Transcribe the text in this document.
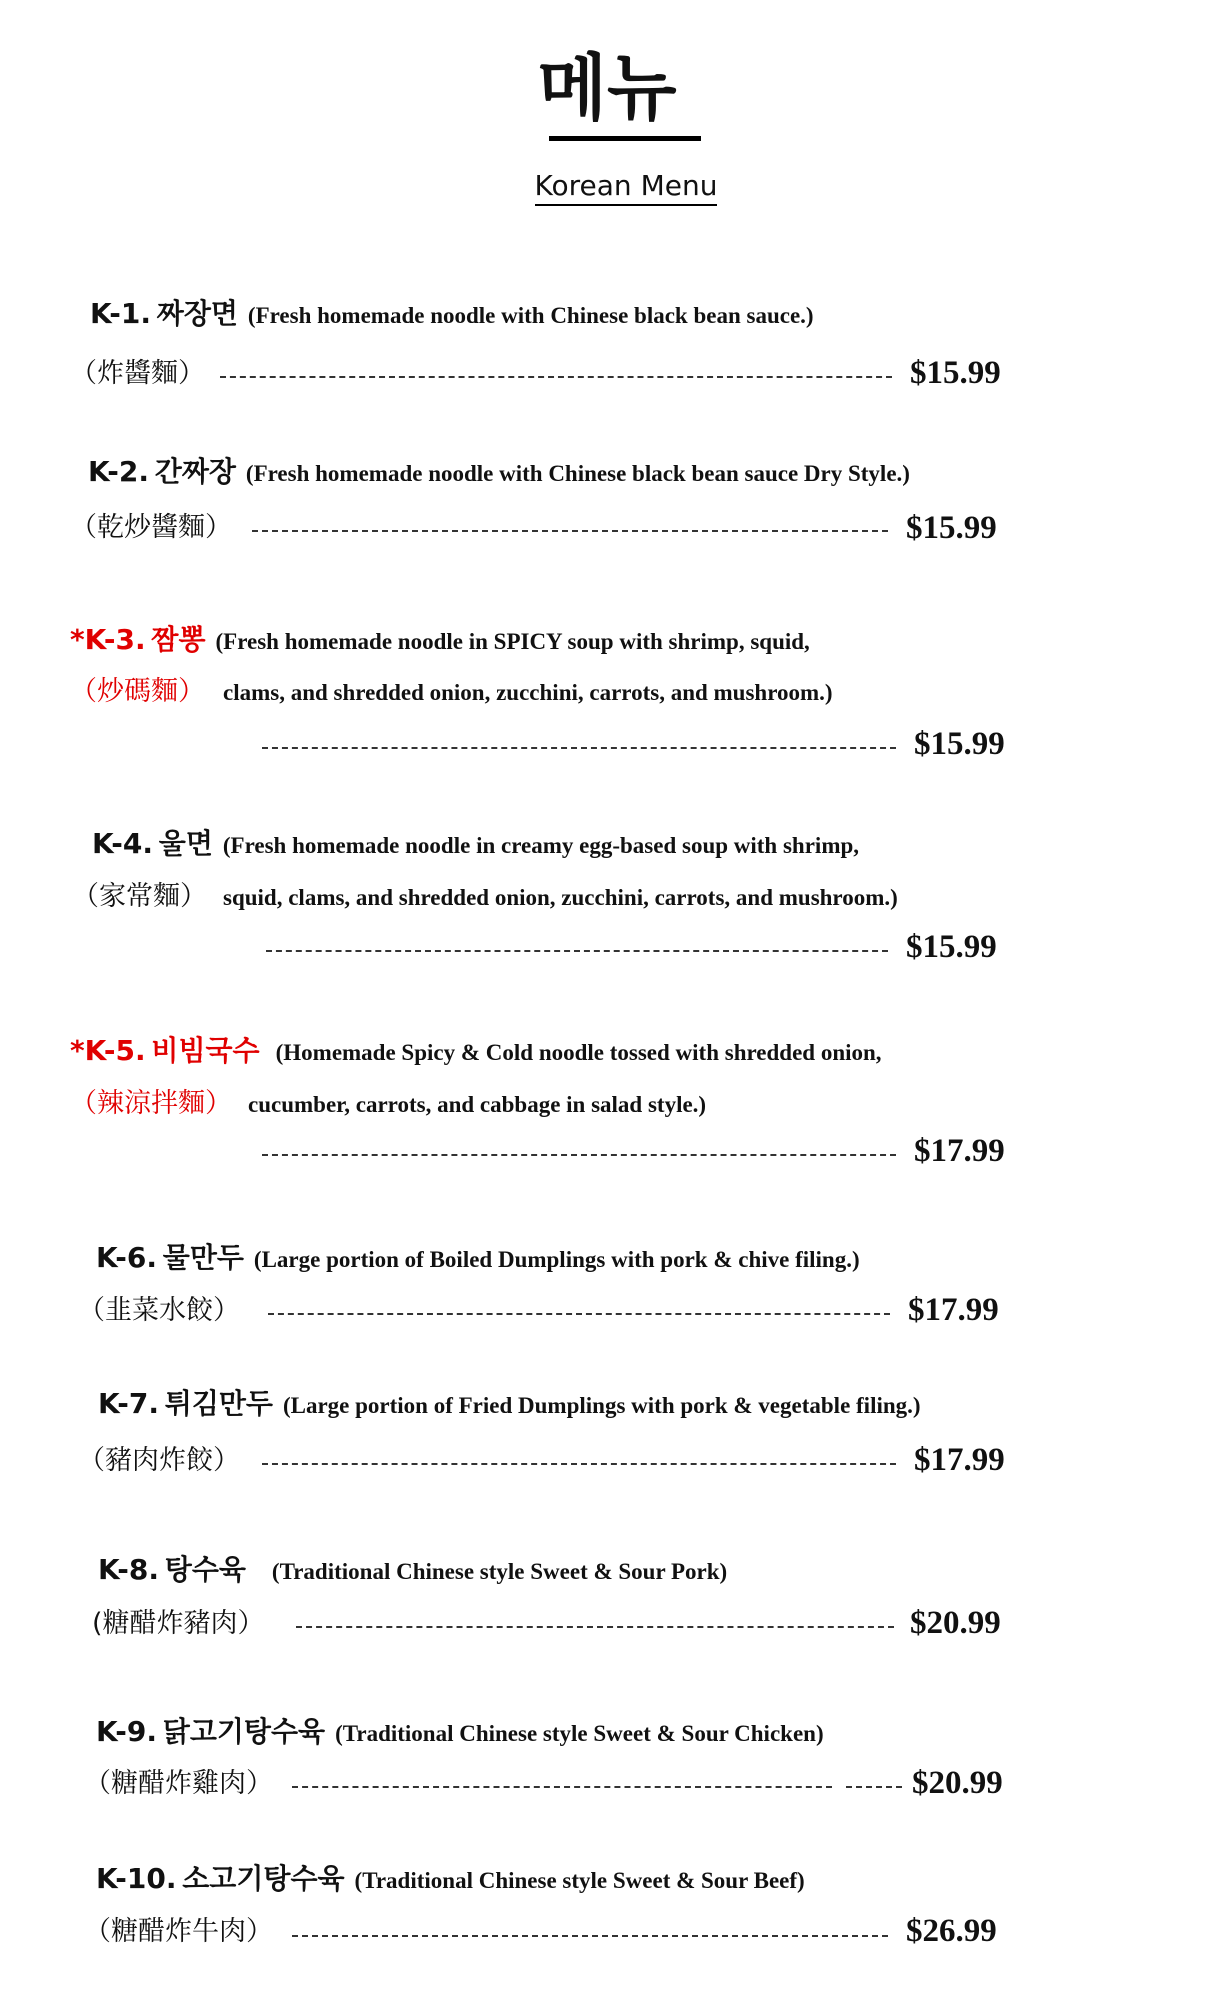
메뉴
Korean Menu
K-1. 짜장면 (Fresh homemade noodle with Chinese black bean sauce.)
（炸醬麵）	$15.99
K-2. 간짜장 (Fresh homemade noodle with Chinese black bean sauce Dry Style.)
（乾炒醬麵）	$15.99
*K-3. 짬뽕 (Fresh homemade noodle in SPICY soup with shrimp, squid,
（炒碼麵） clams, and shredded onion, zucchini, carrots, and mushroom.)
$15.99
K-4. 울면 (Fresh homemade noodle in creamy egg-based soup with shrimp,
（家常麵） squid, clams, and shredded onion, zucchini, carrots, and mushroom.)
$15.99
*K-5. 비빔국수 (Homemade Spicy & Cold noodle tossed with shredded onion,
（辣涼拌麵） cucumber, carrots, and cabbage in salad style.)
$17.99
K-6. 물만두 (Large portion of Boiled Dumplings with pork & chive filing.)
（韭菜水餃）	$17.99
K-7. 튀김만두 (Large portion of Fried Dumplings with pork & vegetable filing.)
（豬肉炸餃）	$17.99
K-8. 탕수육 (Traditional Chinese style Sweet & Sour Pork)
(糖醋炸豬肉）	$20.99
K-9. 닭고기탕수육 (Traditional Chinese style Sweet & Sour Chicken)
（糖醋炸雞肉）	$20.99
K-10. 소고기탕수육 (Traditional Chinese style Sweet & Sour Beef)
（糖醋炸牛肉）	$26.99
